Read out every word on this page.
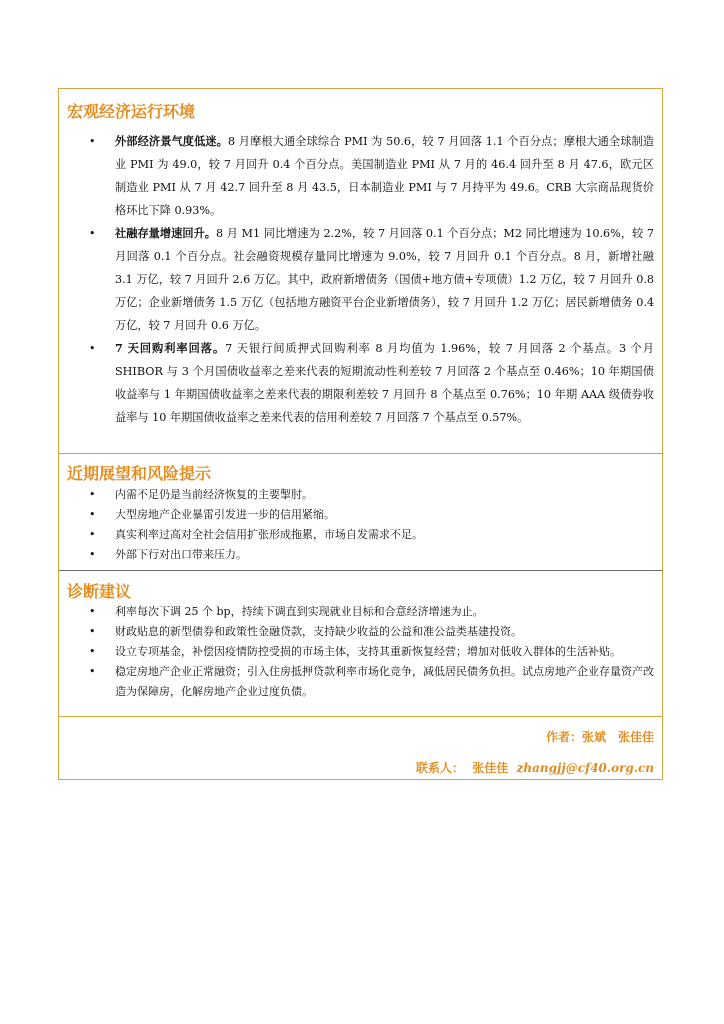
宏观经济运行环境
• 外部经济景气度低迷。8 月摩根大通全球综合 PMI 为 50.6，较 7 月回落 1.1 个百分点；摩根大通全球制造业 PMI 为 49.0，较 7 月回升 0.4 个百分点。美国制造业 PMI 从 7 月的 46.4 回升至 8 月 47.6，欧元区制造业 PMI 从 7 月 42.7 回升至 8 月 43.5，日本制造业 PMI 与 7 月持平为 49.6。CRB 大宗商品现货价格环比下降 0.93%。
• 社融存量增速回升。8 月 M1 同比增速为 2.2%，较 7 月回落 0.1 个百分点；M2 同比增速为 10.6%，较 7 月回落 0.1 个百分点。社会融资规模存量同比增速为 9.0%，较 7 月回升 0.1 个百分点。8 月，新增社融 3.1 万亿，较 7 月回升 2.6 万亿。其中，政府新增债务（国债+地方债+专项债）1.2 万亿，较 7 月回升 0.8 万亿；企业新增债务 1.5 万亿（包括地方融资平台企业新增债务），较 7 月回升 1.2 万亿；居民新增债务 0.4 万亿，较 7 月回升 0.6 万亿。
• 7 天回购利率回落。7 天银行间质押式回购利率 8 月均值为 1.96%，较 7 月回落 2 个基点。3 个月 SHIBOR 与 3 个月国债收益率之差来代表的短期流动性利差较 7 月回落 2 个基点至 0.46%；10 年期国债收益率与 1 年期国债收益率之差来代表的期限利差较 7 月回升 8 个基点至 0.76%；10 年期 AAA 级债券收益率与 10 年期国债收益率之差来代表的信用利差较 7 月回落 7 个基点至 0.57%。
近期展望和风险提示
• 内需不足仍是当前经济恢复的主要掣肘。
• 大型房地产企业暴雷引发进一步的信用紧缩。
• 真实利率过高对全社会信用扩张形成拖累，市场自发需求不足。
• 外部下行对出口带来压力。
诊断建议
• 利率每次下调 25 个 bp，持续下调直到实现就业目标和合意经济增速为止。
• 财政贴息的新型债券和政策性金融贷款，支持缺少收益的公益和准公益类基建投资。
• 设立专项基金，补偿因疫情防控受损的市场主体，支持其重新恢复经营；增加对低收入群体的生活补贴。
• 稳定房地产企业正常融资；引入住房抵押贷款利率市场化竞争，减低居民债务负担。试点房地产企业存量资产改造为保障房，化解房地产企业过度负债。
作者：张斌　张佳佳
联系人： 张佳佳 zhangjj@cf40.org.cn
